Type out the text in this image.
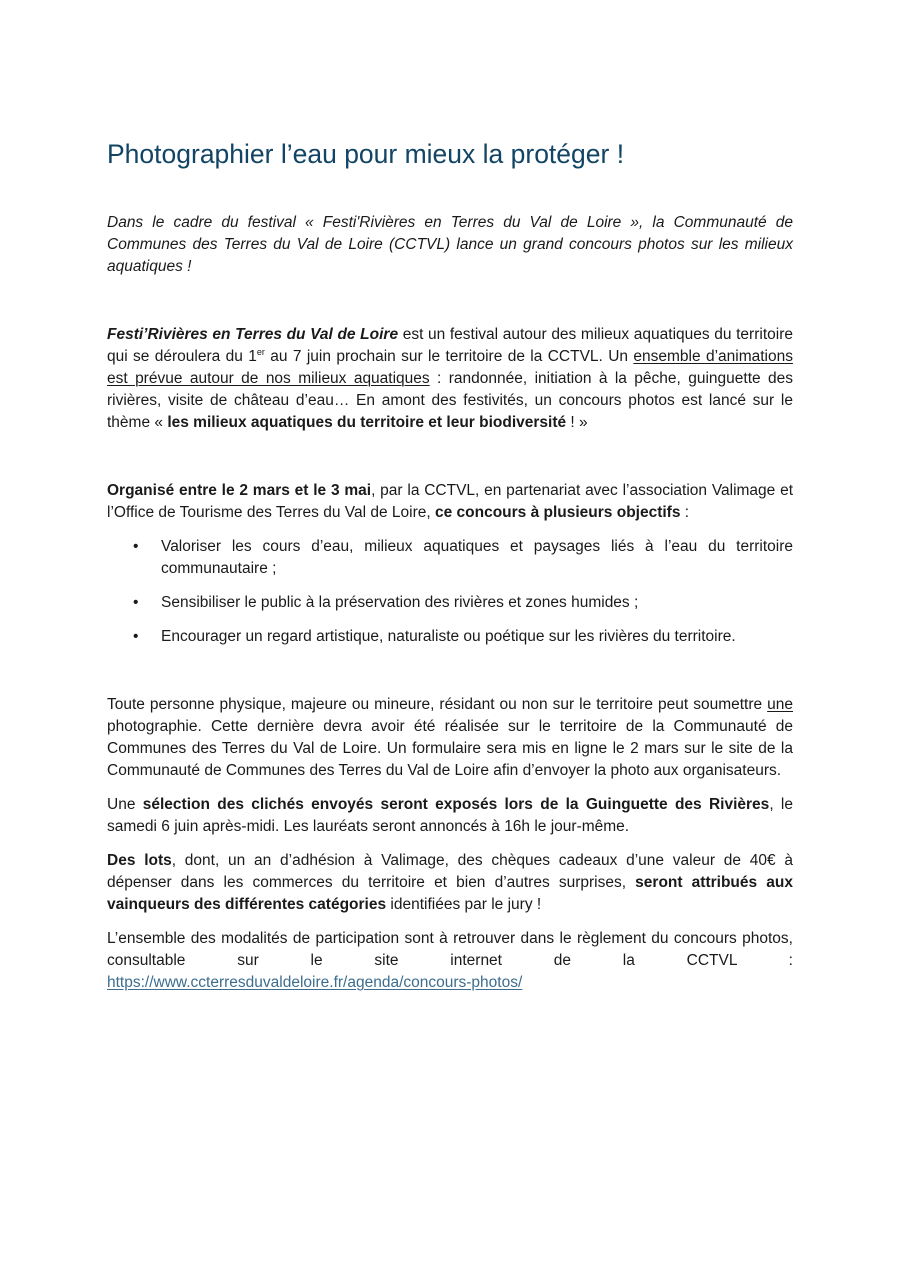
Photographier l’eau pour mieux la protéger !

Dans le cadre du festival « Festi'Rivières en Terres du Val de Loire », la Communauté de Communes des Terres du Val de Loire (CCTVL) lance un grand concours photos sur les milieux aquatiques !

Festi’Rivières en Terres du Val de Loire est un festival autour des milieux aquatiques du territoire qui se déroulera du 1er au 7 juin prochain sur le territoire de la CCTVL. Un ensemble d’animations est prévue autour de nos milieux aquatiques : randonnée, initiation à la pêche, guinguette des rivières, visite de château d’eau… En amont des festivités, un concours photos est lancé sur le thème « les milieux aquatiques du territoire et leur biodiversité ! »

Organisé entre le 2 mars et le 3 mai, par la CCTVL, en partenariat avec l’association Valimage et l’Office de Tourisme des Terres du Val de Loire, ce concours à plusieurs objectifs :

• Valoriser les cours d’eau, milieux aquatiques et paysages liés à l’eau du territoire communautaire ;
• Sensibiliser le public à la préservation des rivières et zones humides ;
• Encourager un regard artistique, naturaliste ou poétique sur les rivières du territoire.

Toute personne physique, majeure ou mineure, résidant ou non sur le territoire peut soumettre une photographie. Cette dernière devra avoir été réalisée sur le territoire de la Communauté de Communes des Terres du Val de Loire. Un formulaire sera mis en ligne le 2 mars sur le site de la Communauté de Communes des Terres du Val de Loire afin d’envoyer la photo aux organisateurs.

Une sélection des clichés envoyés seront exposés lors de la Guinguette des Rivières, le samedi 6 juin après-midi. Les lauréats seront annoncés à 16h le jour-même.

Des lots, dont, un an d’adhésion à Valimage, des chèques cadeaux d’une valeur de 40€ à dépenser dans les commerces du territoire et bien d’autres surprises, seront attribués aux vainqueurs des différentes catégories identifiées par le jury !

L’ensemble des modalités de participation sont à retrouver dans le règlement du concours photos, consultable sur le site internet de la CCTVL :

https://www.ccterresduvaldeloire.fr/agenda/concours-photos/
